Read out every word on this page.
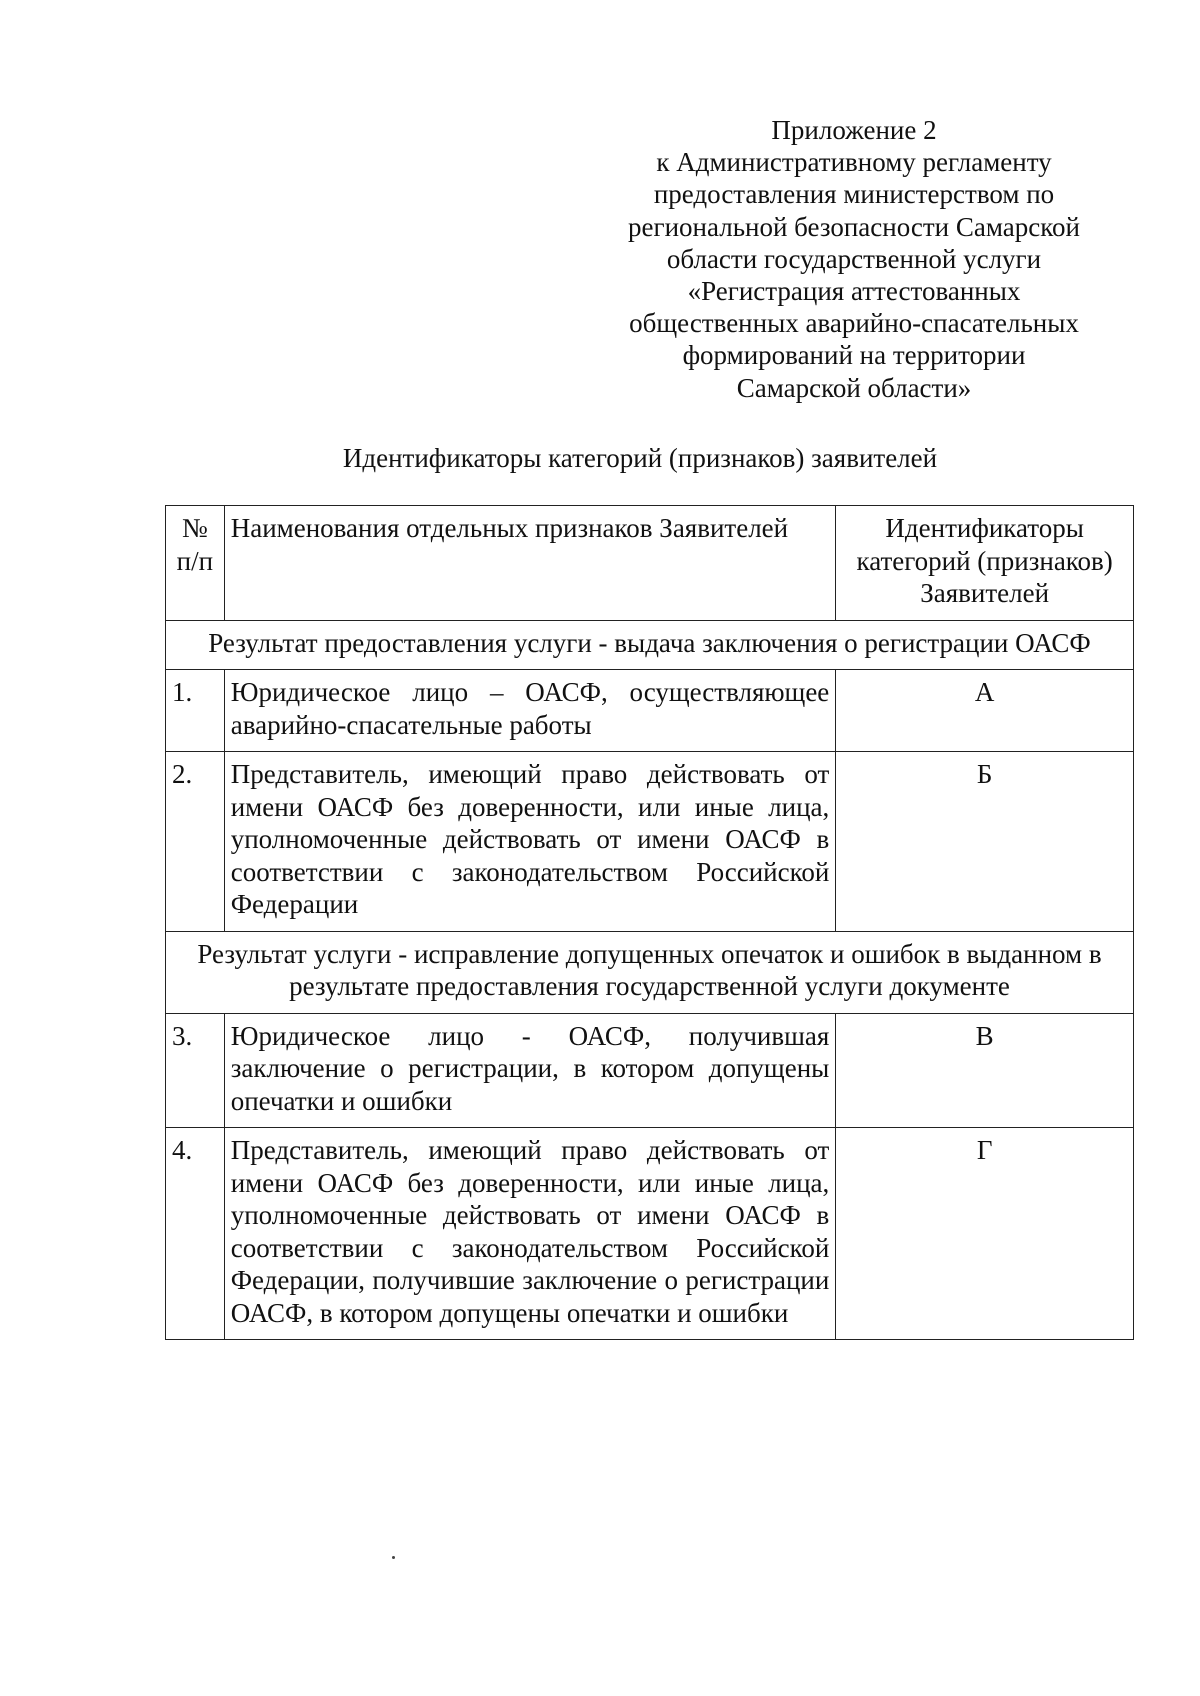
Приложение 2
к Административному регламенту
предоставления министерством по
региональной безопасности Самарской
области государственной услуги
«Регистрация аттестованных
общественных аварийно-спасательных
формирований на территории
Самарской области»
Идентификаторы категорий (признаков) заявителей
№ п/п	Наименования отдельных признаков Заявителей	Идентификаторы категорий (признаков) Заявителей
Результат предоставления услуги - выдача заключения о регистрации ОАСФ		
1.	Юридическое лицо – ОАСФ, осуществляющее аварийно-спасательные работы	А
2.	Представитель, имеющий право действовать от имени ОАСФ без доверенности, или иные лица, уполномоченные действовать от имени ОАСФ в соответствии с законодательством Российской Федерации	Б
Результат услуги - исправление допущенных опечаток и ошибок в выданном в результате предоставления государственной услуги документе		
3.	Юридическое лицо - ОАСФ, получившая заключение о регистрации, в котором допущены опечатки и ошибки	В
4.	Представитель, имеющий право действовать от имени ОАСФ без доверенности, или иные лица, уполномоченные действовать от имени ОАСФ в соответствии с законодательством Российской Федерации, получившие заключение о регистрации ОАСФ, в котором допущены опечатки и ошибки	Г
